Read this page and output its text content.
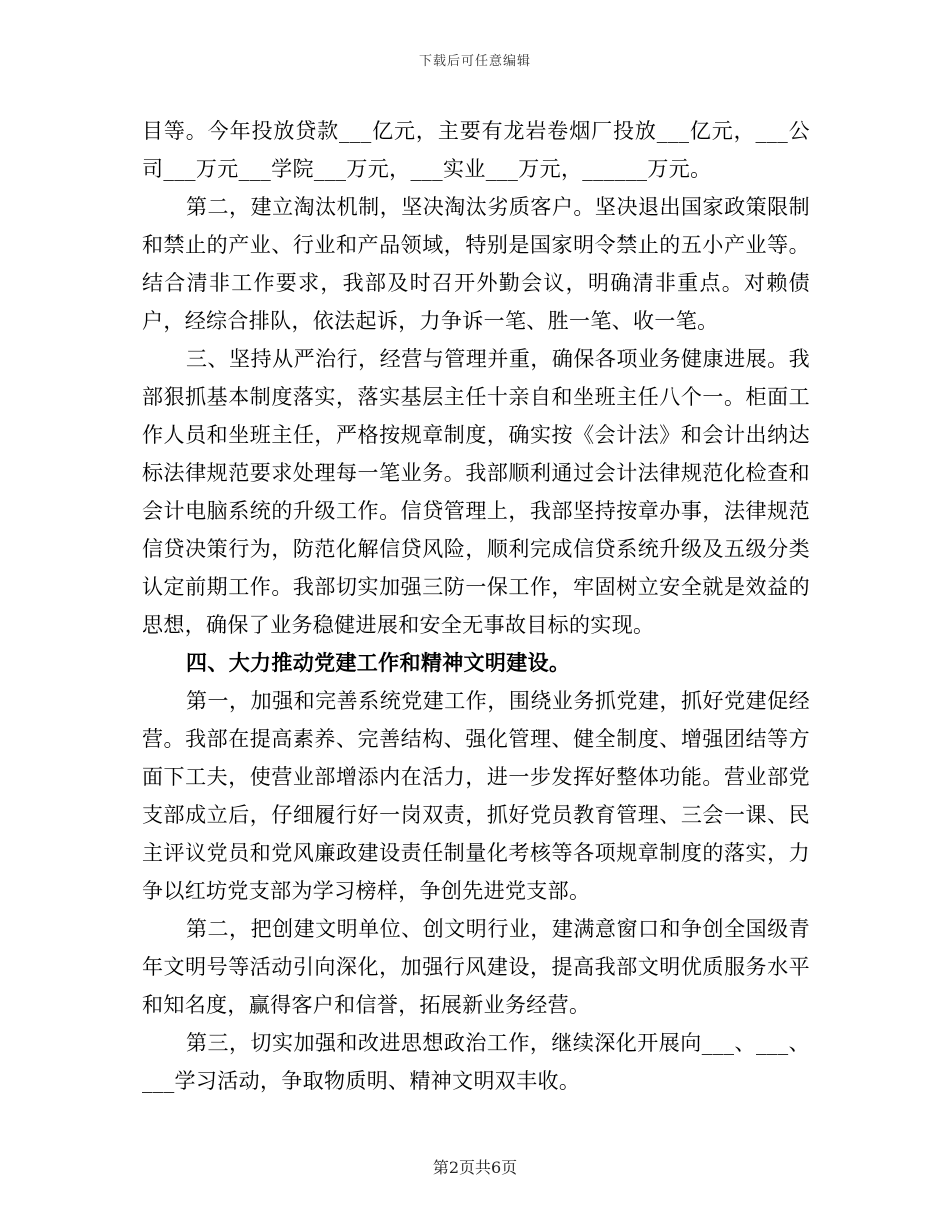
下载后可任意编辑

目等。今年投放贷款___亿元，主要有龙岩卷烟厂投放___亿元，___公司___万元___学院___万元，___实业___万元，______万元。

第二，建立淘汰机制，坚决淘汰劣质客户。坚决退出国家政策限制和禁止的产业、行业和产品领域，特别是国家明令禁止的五小产业等。结合清非工作要求，我部及时召开外勤会议，明确清非重点。对赖债户，经综合排队，依法起诉，力争诉一笔、胜一笔、收一笔。

三、坚持从严治行，经营与管理并重，确保各项业务健康进展。我部狠抓基本制度落实，落实基层主任十亲自和坐班主任八个一。柜面工作人员和坐班主任，严格按规章制度，确实按《会计法》和会计出纳达标法律规范要求处理每一笔业务。我部顺利通过会计法律规范化检查和会计电脑系统的升级工作。信贷管理上，我部坚持按章办事，法律规范信贷决策行为，防范化解信贷风险，顺利完成信贷系统升级及五级分类认定前期工作。我部切实加强三防一保工作，牢固树立安全就是效益的思想，确保了业务稳健进展和安全无事故目标的实现。

四、大力推动党建工作和精神文明建设。

第一，加强和完善系统党建工作，围绕业务抓党建，抓好党建促经营。我部在提高素养、完善结构、强化管理、健全制度、增强团结等方面下工夫，使营业部增添内在活力，进一步发挥好整体功能。营业部党支部成立后，仔细履行好一岗双责，抓好党员教育管理、三会一课、民主评议党员和党风廉政建设责任制量化考核等各项规章制度的落实，力争以红坊党支部为学习榜样，争创先进党支部。

第二，把创建文明单位、创文明行业，建满意窗口和争创全国级青年文明号等活动引向深化，加强行风建设，提高我部文明优质服务水平和知名度，赢得客户和信誉，拓展新业务经营。

第三，切实加强和改进思想政治工作，继续深化开展向___、___、___学习活动，争取物质明、精神文明双丰收。

第2页共6页
